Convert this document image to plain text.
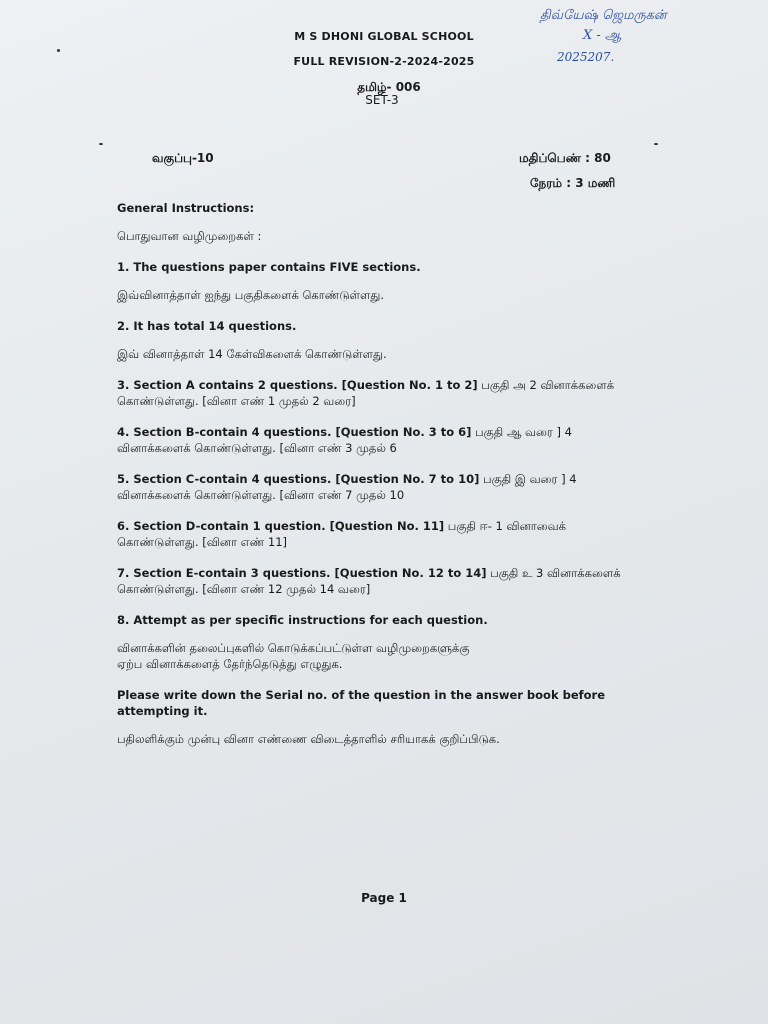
M S DHONI GLOBAL SCHOOL
FULL REVISION-2-2024-2025
தமிழ்- 006
SET-3
திவ்யேஷ் ஜெமருகன்
X - ஆ
2025207.
வகுப்பு-10	மதிப்பெண் : 80
நேரம் : 3 மணி

General Instructions:

பொதுவான வழிமுறைகள் :

1. The questions paper contains FIVE sections.

இவ்வினாத்தாள் ஐந்து பகுதிகளைக் கொண்டுள்ளது.

2. It has total 14 questions.

இவ் வினாத்தாள் 14 கேள்விகளைக் கொண்டுள்ளது.

3. Section A contains 2 questions. [Question No. 1 to 2] பகுதி அ 2 வினாக்களைக்

கொண்டுள்ளது. [வினா எண் 1 முதல் 2 வரை]

4. Section B-contain 4 questions. [Question No. 3 to 6] பகுதி ஆ வரை ] 4

வினாக்களைக் கொண்டுள்ளது. [வினா எண் 3 முதல் 6

5. Section C-contain 4 questions. [Question No. 7 to 10] பகுதி இ வரை ] 4

வினாக்களைக் கொண்டுள்ளது. [வினா எண் 7 முதல் 10

6. Section D-contain 1 question. [Question No. 11] பகுதி ஈ- 1 வினாவைக்

கொண்டுள்ளது. [வினா எண் 11]

7. Section E-contain 3 questions. [Question No. 12 to 14] பகுதி உ 3 வினாக்களைக்

கொண்டுள்ளது. [வினா எண் 12 முதல் 14 வரை]

8. Attempt as per specific instructions for each question.

வினாக்களின் தலைப்புகளில் கொடுக்கப்பட்டுள்ள வழிமுறைகளுக்கு

ஏற்ப வினாக்களைத் தேர்ந்தெடுத்து எழுதுக.

Please write down the Serial no. of the question in the answer book before

attempting it.

பதிலளிக்கும் முன்பு வினா எண்ணை விடைத்தாளில் சரியாகக் குறிப்பிடுக.

Page 1
